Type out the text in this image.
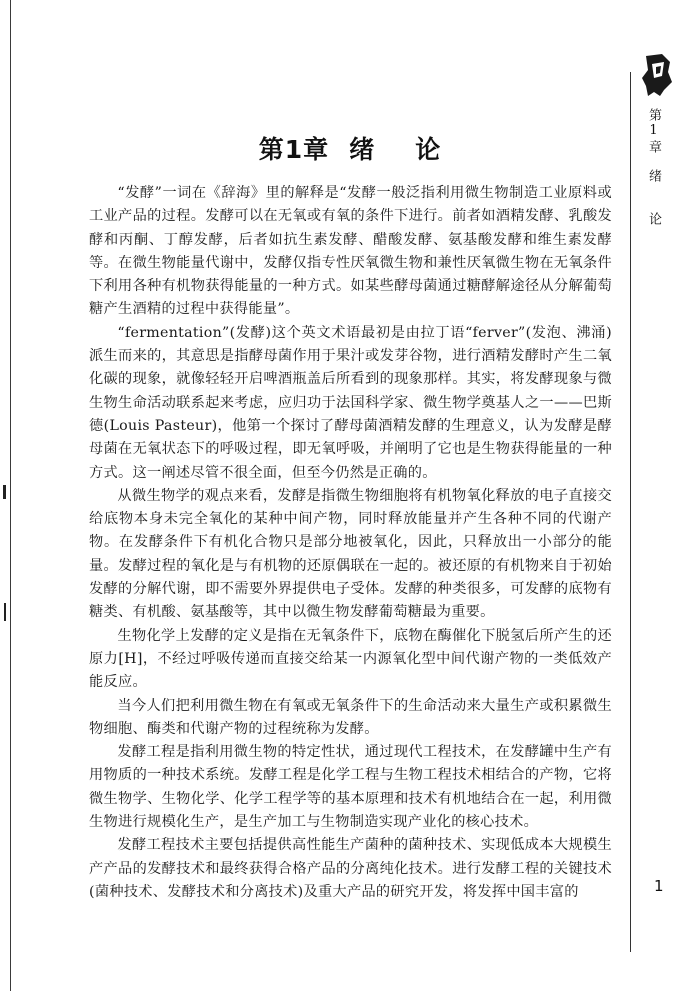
第1章绪论
第1章 绪 论

“发酵”一词在《辞海》里的解释是“发酵一般泛指利用微生物制造工业原料或工业产品的过程。发酵可以在无氧或有氧的条件下进行。前者如酒精发酵、乳酸发酵和丙酮、丁醇发酵，后者如抗生素发酵、醋酸发酵、氨基酸发酵和维生素发酵等。在微生物能量代谢中，发酵仅指专性厌氧微生物和兼性厌氧微生物在无氧条件下利用各种有机物获得能量的一种方式。如某些酵母菌通过糖酵解途径从分解葡萄糖产生酒精的过程中获得能量”。

“fermentation”(发酵)这个英文术语最初是由拉丁语“ferver”(发泡、沸涌)派生而来的，其意思是指酵母菌作用于果汁或发芽谷物，进行酒精发酵时产生二氧化碳的现象，就像轻轻开启啤酒瓶盖后所看到的现象那样。其实，将发酵现象与微生物生命活动联系起来考虑，应归功于法国科学家、微生物学奠基人之一——巴斯德(Louis Pasteur)，他第一个探讨了酵母菌酒精发酵的生理意义，认为发酵是酵母菌在无氧状态下的呼吸过程，即无氧呼吸，并阐明了它也是生物获得能量的一种方式。这一阐述尽管不很全面，但至今仍然是正确的。

从微生物学的观点来看，发酵是指微生物细胞将有机物氧化释放的电子直接交给底物本身未完全氧化的某种中间产物，同时释放能量并产生各种不同的代谢产物。在发酵条件下有机化合物只是部分地被氧化，因此，只释放出一小部分的能量。发酵过程的氧化是与有机物的还原偶联在一起的。被还原的有机物来自于初始发酵的分解代谢，即不需要外界提供电子受体。发酵的种类很多，可发酵的底物有糖类、有机酸、氨基酸等，其中以微生物发酵葡萄糖最为重要。

生物化学上发酵的定义是指在无氧条件下，底物在酶催化下脱氢后所产生的还原力[H]，不经过呼吸传递而直接交给某一内源氧化型中间代谢产物的一类低效产能反应。

当今人们把利用微生物在有氧或无氧条件下的生命活动来大量生产或积累微生物细胞、酶类和代谢产物的过程统称为发酵。

发酵工程是指利用微生物的特定性状，通过现代工程技术，在发酵罐中生产有用物质的一种技术系统。发酵工程是化学工程与生物工程技术相结合的产物，它将微生物学、生物化学、化学工程学等的基本原理和技术有机地结合在一起，利用微生物进行规模化生产，是生产加工与生物制造实现产业化的核心技术。

发酵工程技术主要包括提供高性能生产菌种的菌种技术、实现低成本大规模生产产品的发酵技术和最终获得合格产品的分离纯化技术。进行发酵工程的关键技术(菌种技术、发酵技术和分离技术)及重大产品的研究开发，将发挥中国丰富的	1
